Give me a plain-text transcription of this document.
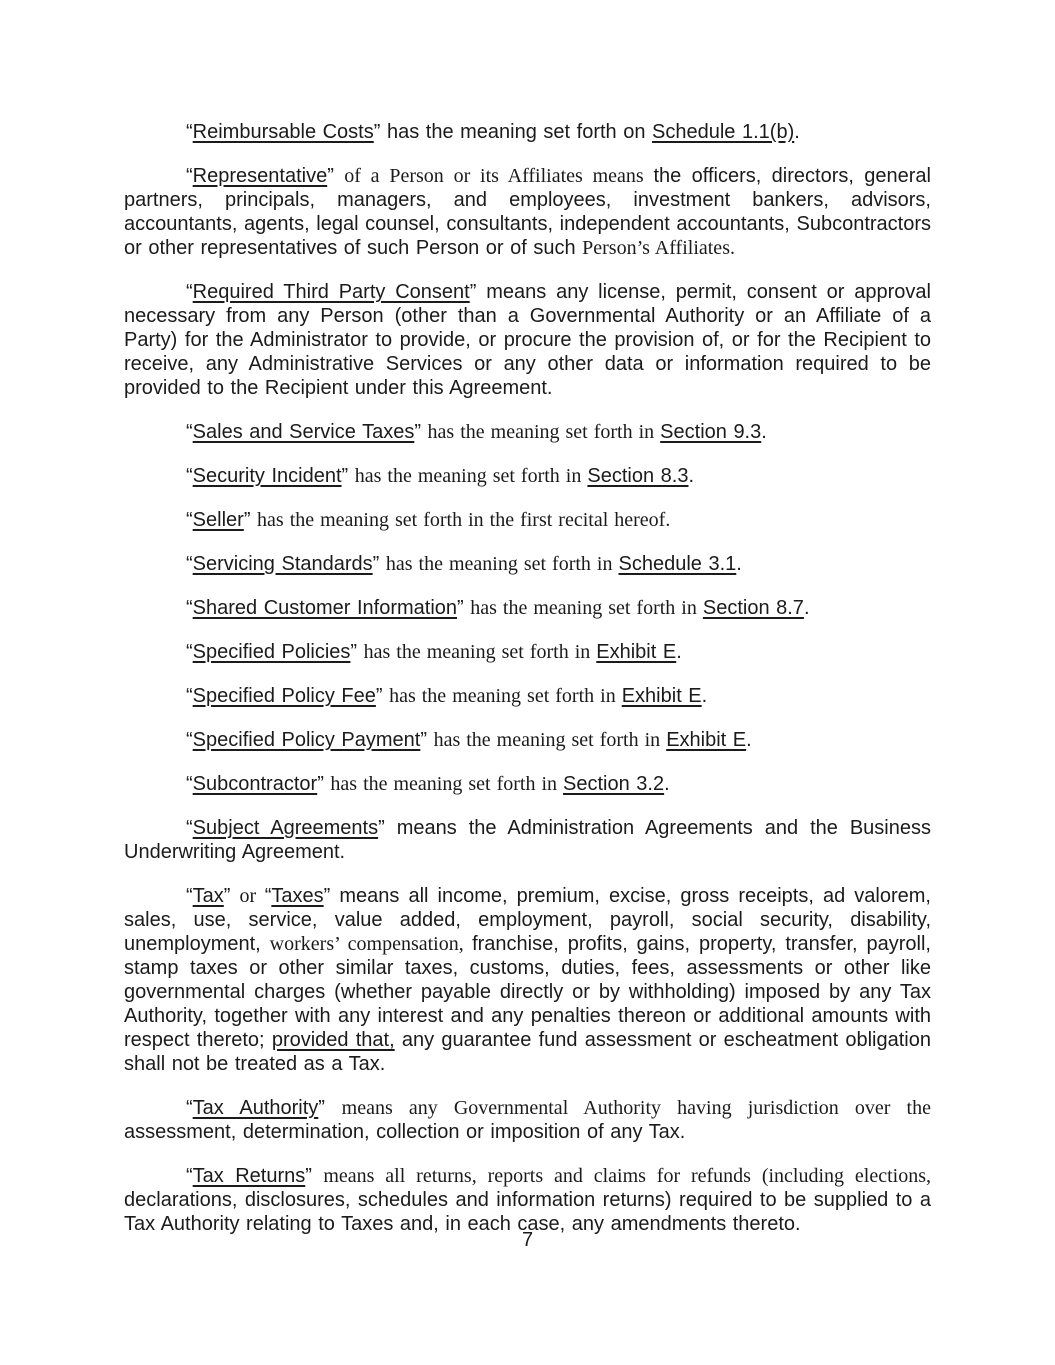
“Reimbursable Costs” has the meaning set forth on Schedule 1.1(b).

“Representative” of a Person or its Affiliates means the officers, directors, general partners, principals, managers, and employees, investment bankers, advisors, accountants, agents, legal counsel, consultants, independent accountants, Subcontractors or other representatives of such Person or of such Person’s Affiliates.

“Required Third Party Consent” means any license, permit, consent or approval necessary from any Person (other than a Governmental Authority or an Affiliate of a Party) for the Administrator to provide, or procure the provision of, or for the Recipient to receive, any Administrative Services or any other data or information required to be provided to the Recipient under this Agreement.

“Sales and Service Taxes” has the meaning set forth in Section 9.3.

“Security Incident” has the meaning set forth in Section 8.3.

“Seller” has the meaning set forth in the first recital hereof.

“Servicing Standards” has the meaning set forth in Schedule 3.1.

“Shared Customer Information” has the meaning set forth in Section 8.7.

“Specified Policies” has the meaning set forth in Exhibit E.

“Specified Policy Fee” has the meaning set forth in Exhibit E.

“Specified Policy Payment” has the meaning set forth in Exhibit E.

“Subcontractor” has the meaning set forth in Section 3.2.

“Subject Agreements” means the Administration Agreements and the Business Underwriting Agreement.

“Tax” or “Taxes” means all income, premium, excise, gross receipts, ad valorem, sales, use, service, value added, employment, payroll, social security, disability, unemployment, workers’ compensation, franchise, profits, gains, property, transfer, payroll, stamp taxes or other similar taxes, customs, duties, fees, assessments or other like governmental charges (whether payable directly or by withholding) imposed by any Tax Authority, together with any interest and any penalties thereon or additional amounts with respect thereto; provided that, any guarantee fund assessment or escheatment obligation shall not be treated as a Tax.

“Tax Authority” means any Governmental Authority having jurisdiction over the assessment, determination, collection or imposition of any Tax.

“Tax Returns” means all returns, reports and claims for refunds (including elections, declarations, disclosures, schedules and information returns) required to be supplied to a Tax Authority relating to Taxes and, in each case, any amendments thereto.

7
